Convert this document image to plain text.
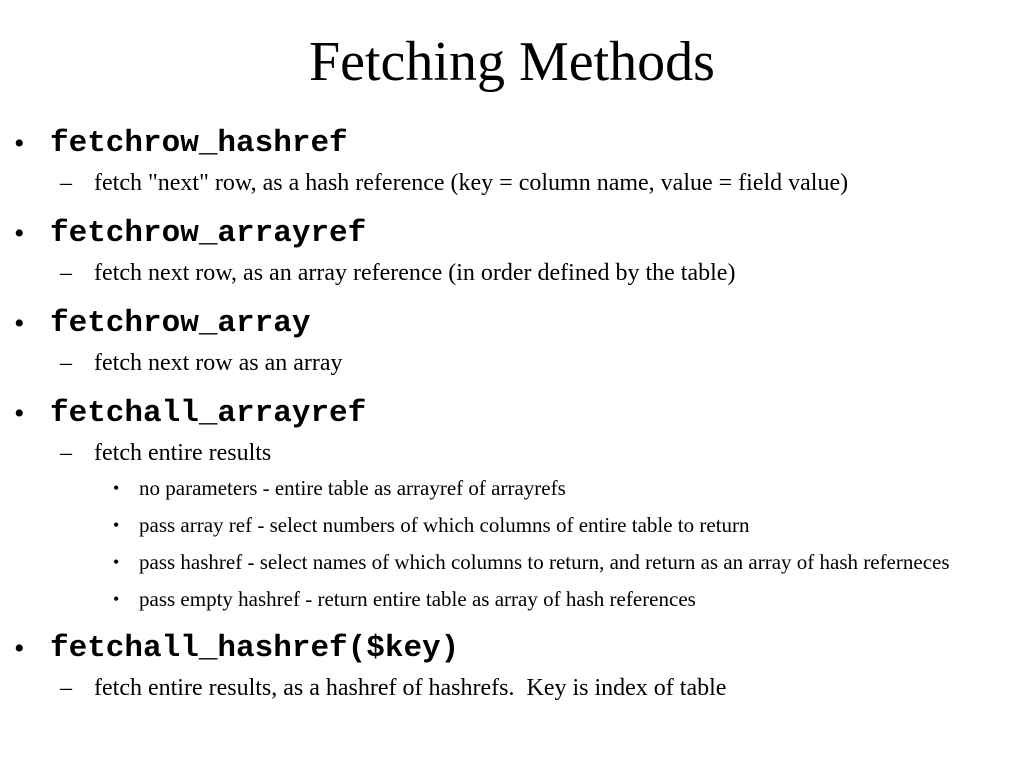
Fetching Methods
• fetchrow_hashref
– fetch "next" row, as a hash reference (key = column name, value = field value)
• fetchrow_arrayref
– fetch next row, as an array reference (in order defined by the table)
• fetchrow_array
– fetch next row as an array
• fetchall_arrayref
– fetch entire results
• no parameters - entire table as arrayref of arrayrefs
• pass array ref - select numbers of which columns of entire table to return
• pass hashref - select names of which columns to return, and return as an array of hash referneces
• pass empty hashref - return entire table as array of hash references
• fetchall_hashref($key)
– fetch entire results, as a hashref of hashrefs.  Key is index of table
